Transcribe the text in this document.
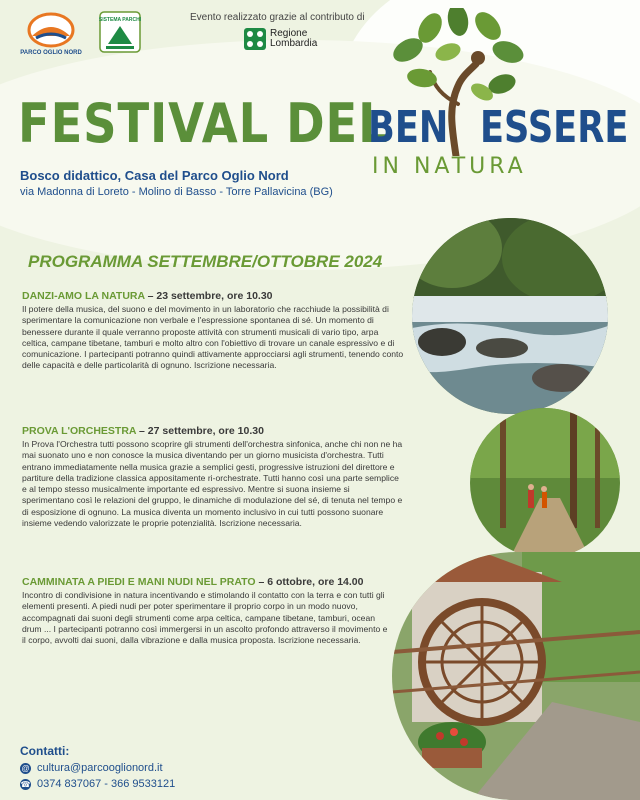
PARCO OGLIO NORD
SISTEMA PARCHI	Evento realizzato grazie al contributo di
Regione
Lombardia
FESTIVAL DEL
BEN ESSERE
IN NATURA
Bosco didattico, Casa del Parco Oglio Nord
via Madonna di Loreto - Molino di Basso - Torre Pallavicina (BG)
PROGRAMMA SETTEMBRE/OTTOBRE 2024
DANZI-AMO LA NATURA – 23 settembre, ore 10.30
Il potere della musica, del suono e del movimento in un laboratorio che racchiude la possibilità di sperimentare la comunicazione non verbale e l'espressione spontanea di sé. Un momento di benessere durante il quale verranno proposte attività con strumenti musicali di vario tipo, arpa celtica, campane tibetane, tamburi e molto altro con l'obiettivo di trovare un canale espressivo e di comunicazione. I partecipanti potranno quindi attivamente approcciarsi agli strumenti, tenendo conto delle capacità e delle particolarità di ognuno. Iscrizione necessaria.
PROVA L'ORCHESTRA – 27 settembre, ore 10.30
In Prova l'Orchestra tutti possono scoprire gli strumenti dell'orchestra sinfonica, anche chi non ne ha mai suonato uno e non conosce la musica diventando per un giorno musicista d'orchestra. Tutti entrano immediatamente nella musica grazie a semplici gesti, progressive istruzioni del direttore e partiture della tradizione classica appositamente ri-orchestrate. Tutti hanno così una parte semplice e al tempo stesso musicalmente importante ed espressivo. Mentre si suona insieme si sperimentano così le relazioni del gruppo, le dinamiche di modulazione del sé, di tenuta nel tempo e di esposizione di ognuno. La musica diventa un momento inclusivo in cui tutti possono suonare insieme vedendo valorizzate le proprie potenzialità. Iscrizione necessaria.
CAMMINATA A PIEDI E MANI NUDI NEL PRATO – 6 ottobre, ore 14.00
Incontro di condivisione in natura incentivando e stimolando il contatto con la terra e con tutti gli elementi presenti. A piedi nudi per poter sperimentare il proprio corpo in un modo nuovo, accompagnati dai suoni degli strumenti come arpa celtica, campane tibetane, tamburi, ocean drum ... I partecipanti potranno così immergersi in un ascolto profondo attraverso il movimento e il corpo, avvolti dai suoni, dalla vibrazione e dalla musica proposta. Iscrizione necessaria.
Contatti:
@ cultura@parcooglionord.it
☎ 0374 837067 - 366 9533121
